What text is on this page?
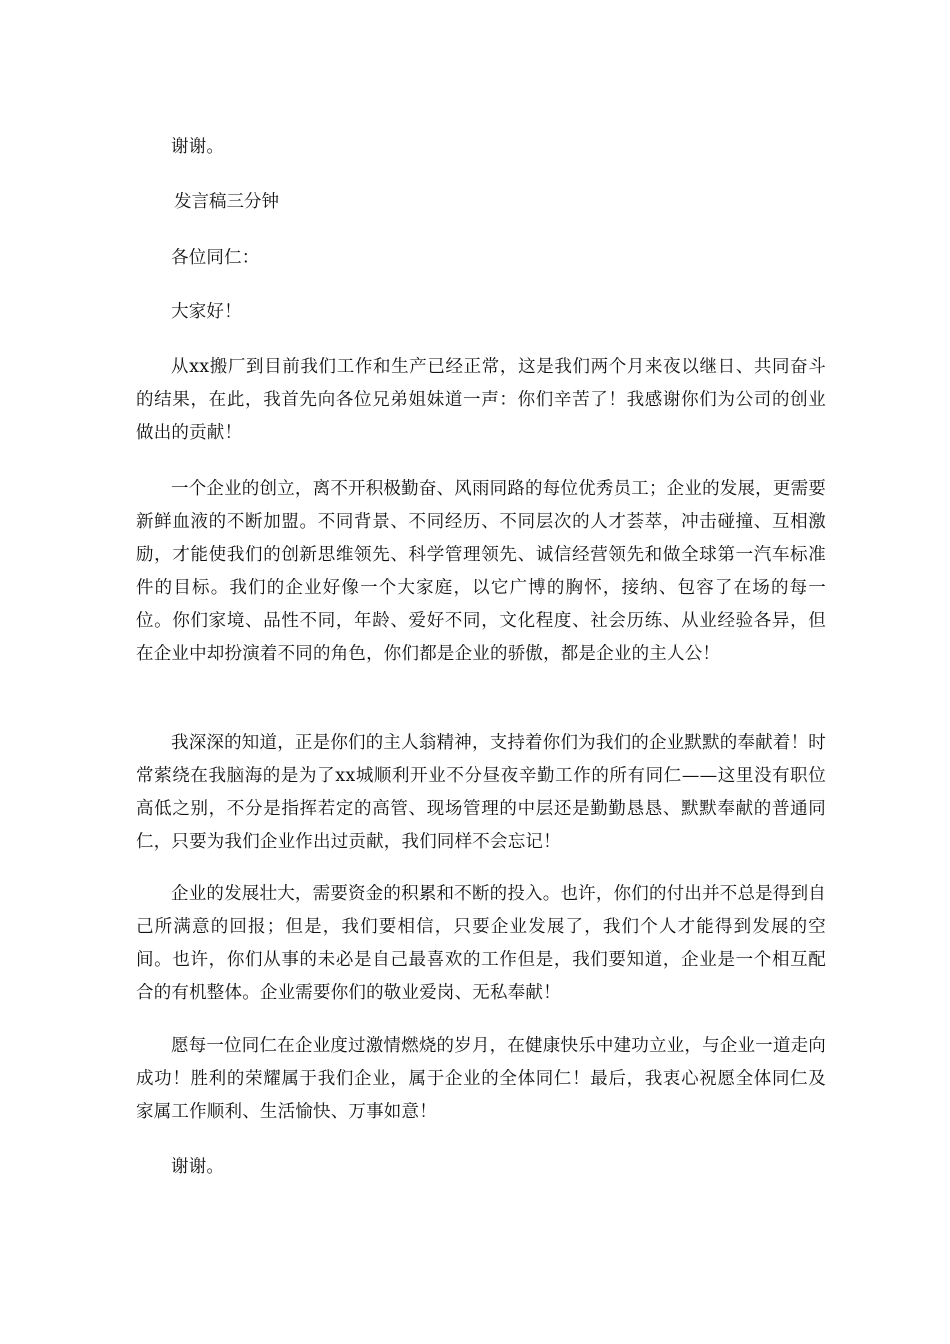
谢谢。

发言稿三分钟

各位同仁：

大家好！

从xx搬厂到目前我们工作和生产已经正常，这是我们两个月来夜以继日、共同奋斗的结果，在此，我首先向各位兄弟姐妹道一声：你们辛苦了！我感谢你们为公司的创业做出的贡献！

一个企业的创立，离不开积极勤奋、风雨同路的每位优秀员工；企业的发展，更需要新鲜血液的不断加盟。不同背景、不同经历、不同层次的人才荟萃，冲击碰撞、互相激励，才能使我们的创新思维领先、科学管理领先、诚信经营领先和做全球第一汽车标准件的目标。我们的企业好像一个大家庭，以它广博的胸怀，接纳、包容了在场的每一位。你们家境、品性不同，年龄、爱好不同，文化程度、社会历练、从业经验各异，但在企业中却扮演着不同的角色，你们都是企业的骄傲，都是企业的主人公！

我深深的知道，正是你们的主人翁精神，支持着你们为我们的企业默默的奉献着！时常萦绕在我脑海的是为了xx城顺利开业不分昼夜辛勤工作的所有同仁——这里没有职位高低之别，不分是指挥若定的高管、现场管理的中层还是勤勤恳恳、默默奉献的普通同仁，只要为我们企业作出过贡献，我们同样不会忘记！

企业的发展壮大，需要资金的积累和不断的投入。也许，你们的付出并不总是得到自己所满意的回报；但是，我们要相信，只要企业发展了，我们个人才能得到发展的空间。也许，你们从事的未必是自己最喜欢的工作但是，我们要知道，企业是一个相互配合的有机整体。企业需要你们的敬业爱岗、无私奉献！

愿每一位同仁在企业度过激情燃烧的岁月，在健康快乐中建功立业，与企业一道走向成功！胜利的荣耀属于我们企业，属于企业的全体同仁！最后，我衷心祝愿全体同仁及家属工作顺利、生活愉快、万事如意！

谢谢。
